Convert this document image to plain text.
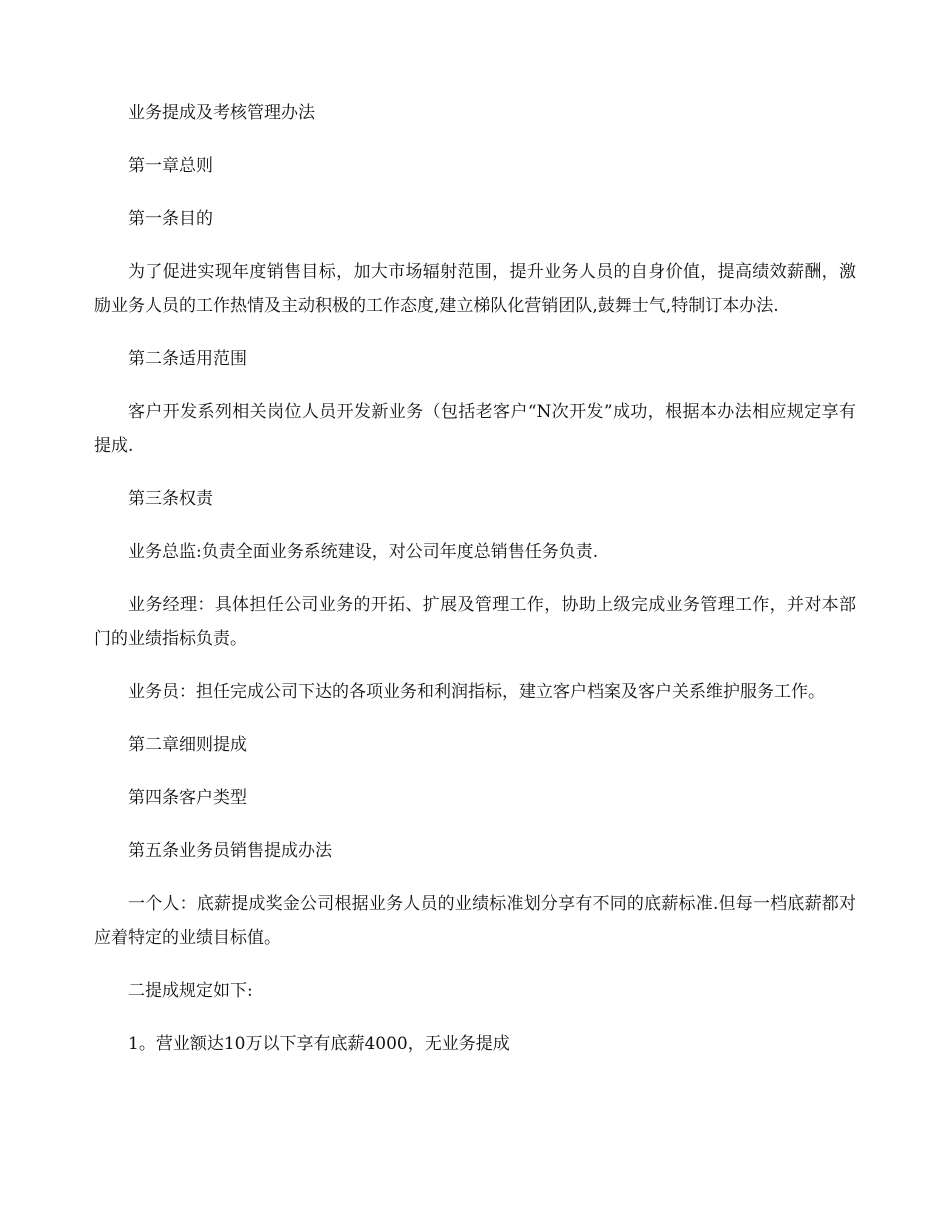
业务提成及考核管理办法

第一章总则

第一条目的

为了促进实现年度销售目标，加大市场辐射范围，提升业务人员的自身价值，提高绩效薪酬，激励业务人员的工作热情及主动积极的工作态度,建立梯队化营销团队,鼓舞士气,特制订本办法.

第二条适用范围

客户开发系列相关岗位人员开发新业务（包括老客户“N次开发”成功，根据本办法相应规定享有提成.

第三条权责

业务总监:负责全面业务系统建设，对公司年度总销售任务负责.

业务经理：具体担任公司业务的开拓、扩展及管理工作，协助上级完成业务管理工作，并对本部门的业绩指标负责。

业务员：担任完成公司下达的各项业务和利润指标，建立客户档案及客户关系维护服务工作。

第二章细则提成

第四条客户类型

第五条业务员销售提成办法

一个人：底薪提成奖金公司根据业务人员的业绩标准划分享有不同的底薪标准.但每一档底薪都对应着特定的业绩目标值。

二提成规定如下:

1。营业额达10万以下享有底薪4000，无业务提成
